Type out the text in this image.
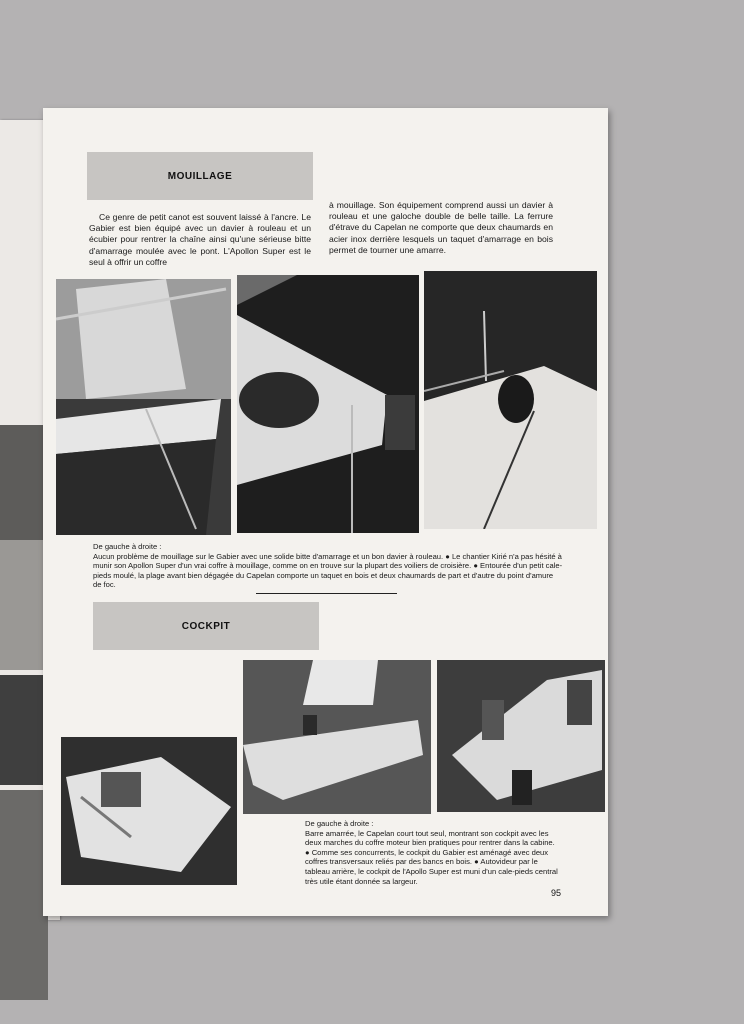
MOUILLAGE

Ce genre de petit canot est souvent laissé à l'ancre. Le Gabier est bien équipé avec un davier à rouleau et un écubier pour rentrer la chaîne ainsi qu'une sérieuse bitte d'amarrage moulée avec le pont. L'Apollon Super est le seul à offrir un coffre

à mouillage. Son équipement comprend aussi un davier à rouleau et une galoche double de belle taille. La ferrure d'étrave du Capelan ne comporte que deux chaumards en acier inox derrière lesquels un taquet d'amarrage en bois permet de tourner une amarre.

De gauche à droite :
Aucun problème de mouillage sur le Gabier avec une solide bitte d'amarrage et un bon davier à rouleau. ● Le chantier Kirié n'a pas hésité à munir son Apollon Super d'un vrai coffre à mouillage, comme on en trouve sur la plupart des voiliers de croisière. ● Entourée d'un petit cale-pieds moulé, la plage avant bien dégagée du Capelan comporte un taquet en bois et deux chaumards de part et d'autre du point d'amure de foc.

COCKPIT

De gauche à droite :
Barre amarrée, le Capelan court tout seul, montrant son cockpit avec les deux marches du coffre moteur bien pratiques pour rentrer dans la cabine. ● Comme ses concurrents, le cockpit du Gabier est aménagé avec deux coffres transversaux reliés par des bancs en bois. ● Autovideur par le tableau arrière, le cockpit de l'Apollo Super est muni d'un cale-pieds central très utile étant donnée sa largeur.

95
